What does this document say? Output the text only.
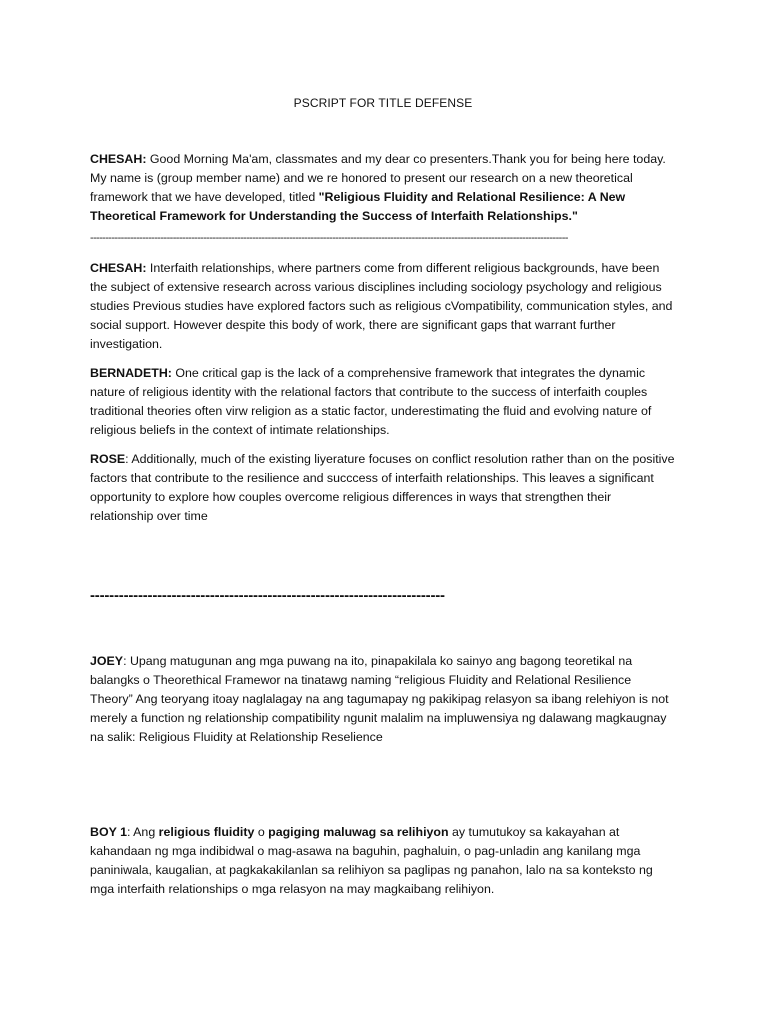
PSCRIPT FOR TITLE DEFENSE

CHESAH: Good Morning Ma'am, classmates and my dear co presenters.Thank you for being here today. My name is (group member name) and we re honored to present our research on a new theoretical framework that we have developed, titled "Religious Fluidity and Relational Resilience: A New Theoretical Framework for Understanding the Success of Interfaith Relationships."

------------------------------------------------------------------------------------------------------------------------------------------------------------

CHESAH: Interfaith relationships, where partners come from different religious backgrounds, have been the subject of extensive research across various disciplines including sociology psychology and religious studies Previous studies have explored factors such as religious cVompatibility, communication styles, and social support. However despite this body of work, there are significant gaps that warrant further investigation.

BERNADETH: One critical gap is the lack of a comprehensive framework that integrates the dynamic nature of religious identity with the relational factors that contribute to the success of interfaith couples traditional theories often virw religion as a static factor, underestimating the fluid and evolving nature of religious beliefs in the context of intimate relationships.

ROSE: Additionally, much of the existing liyerature focuses on conflict resolution rather than on the positive factors that contribute to the resilience and succcess of interfaith relationships. This leaves a significant opportunity to explore how couples overcome religious differences in ways that strengthen their relationship over time

--------------------------------------------------------------------------

JOEY: Upang matugunan ang mga puwang na ito, pinapakilala ko sainyo ang bagong teoretikal na balangks o Theorethical Framewor na tinatawg naming “religious Fluidity and Relational Resilience Theory” Ang teoryang itoay naglalagay na ang tagumapay ng pakikipag relasyon sa ibang relehiyon is not merely a function ng relationship compatibility ngunit malalim na impluwensiya ng dalawang magkaugnay na salik: Religious Fluidity at Relationship Reselience

BOY 1: Ang religious fluidity o pagiging maluwag sa relihiyon ay tumutukoy sa kakayahan at kahandaan ng mga indibidwal o mag-asawa na baguhin, paghaluin, o pag-unladin ang kanilang mga paniniwala, kaugalian, at pagkakakilanlan sa relihiyon sa paglipas ng panahon, lalo na sa konteksto ng mga interfaith relationships o mga relasyon na may magkaibang relihiyon.
